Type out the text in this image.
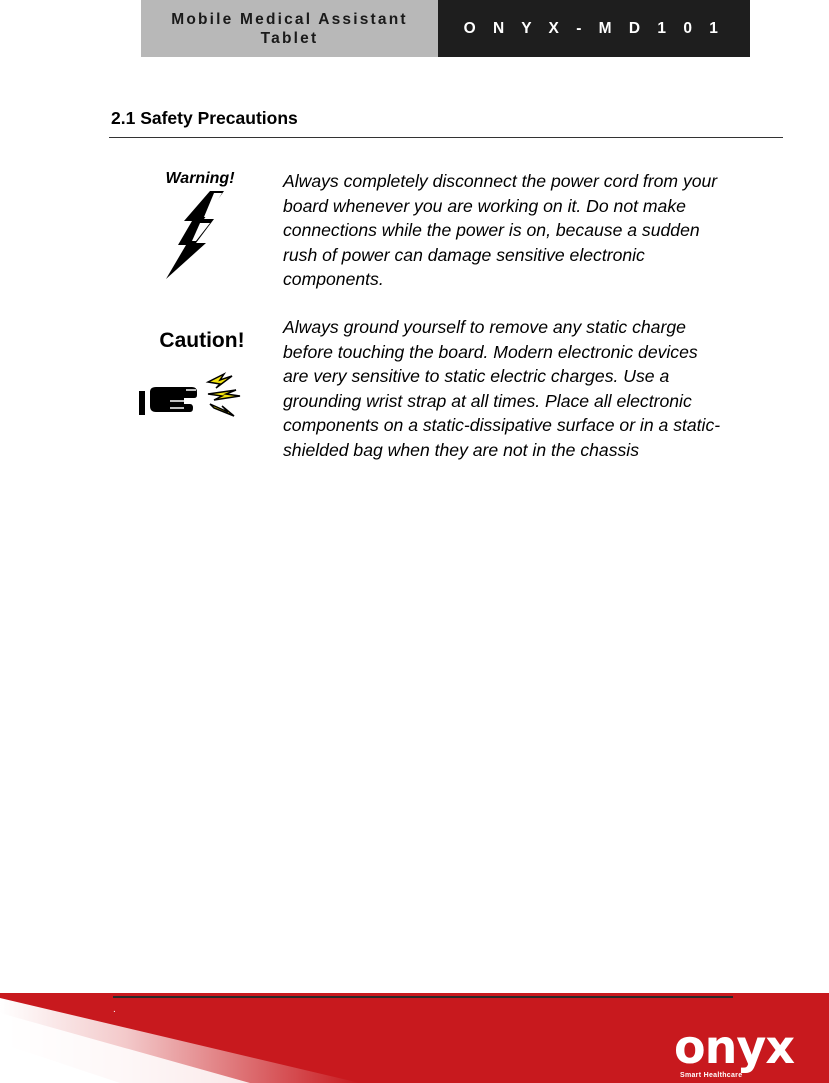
Mobile Medical Assistant Tablet
O N Y X - M D 1 0 1
2.1 Safety Precautions
Warning!
Caution!

Always completely disconnect the power cord from your board whenever you are working on it. Do not make connections while the power is on, because a sudden rush of power can damage sensitive electronic components.

Always ground yourself to remove any static charge before touching the board. Modern electronic devices are very sensitive to static electric charges. Use a grounding wrist strap at all times. Place all electronic components on a static-dissipative surface or in a static-shielded bag when they are not in the chassis

.
onyx
Smart Healthcare
